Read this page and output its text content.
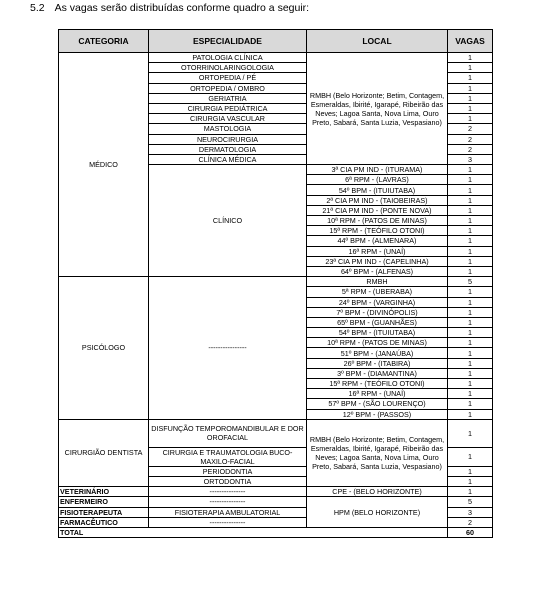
5.2 As vagas serão distribuídas conforme quadro a seguir:
CATEGORIA	ESPECIALIDADE	LOCAL	VAGAS
MÉDICO	PATOLOGIA CLÍNICA	RMBH (Belo Horizonte; Betim, Contagem, Esmeraldas, Ibirité, Igarapé, Ribeirão das Neves; Lagoa Santa, Nova Lima, Ouro Preto, Sabará, Santa Luzia, Vespasiano)	1
	OTORRINOLARINGOLOGIA		1
	ORTOPEDIA / PÉ		1
	ORTOPEDIA / OMBRO		1
	GERIATRIA		1
	CIRURGIA PEDIÁTRICA		1
	CIRURGIA VASCULAR		1
	MASTOLOGIA		2
	NEUROCIRURGIA		2
	DERMATOLOGIA		2
	CLÍNICA MÉDICA		3
	CLÍNICO	3ª CIA PM IND - (ITURAMA)	1
		6ª RPM - (LAVRAS)	1
		54º BPM - (ITUIUTABA)	1
		2ª CIA PM IND - (TAIOBEIRAS)	1
		21ª CIA PM IND - (PONTE NOVA)	1
		10ª RPM - (PATOS DE MINAS)	1
		15ª RPM - (TEÓFILO OTONI)	1
		44º BPM - (ALMENARA)	1
		16ª RPM - (UNAÍ)	1
		23ª CIA PM IND - (CAPELINHA)	1
		64º BPM - (ALFENAS)	1
PSICÓLOGO	----------------	RMBH	5
		5ª RPM - (UBERABA)	1
		24º BPM - (VARGINHA)	1
		7º BPM - (DIVINÓPOLIS)	1
		65º BPM - (GUANHÃES)	1
		54º BPM - (ITUIUTABA)	1
		10ª RPM - (PATOS DE MINAS)	1
		51º BPM - (JANAÚBA)	1
		26º BPM - (ITABIRA)	1
		3º BPM - (DIAMANTINA)	1
		15ª RPM - (TEÓFILO OTONI)	1
		16ª RPM - (UNAÍ)	1
		57º BPM - (SÃO LOURENÇO)	1
		12º BPM - (PASSOS)	1
CIRURGIÃO DENTISTA	DISFUNÇÃO TEMPOROMANDIBULAR E DOR OROFACIAL	RMBH (Belo Horizonte; Betim, Contagem, Esmeraldas, Ibirité, Igarapé, Ribeirão das Neves; Lagoa Santa, Nova Lima, Ouro Preto, Sabará, Santa Luzia, Vespasiano)	1
	CIRURGIA E TRAUMATOLOGIA BUCO-MAXILO-FACIAL		1
	PERIODONTIA		1
	ORTODONTIA		1
VETERINÁRIO	---------------	CPE - (BELO HORIZONTE)	1
ENFERMEIRO	---------------	HPM (BELO HORIZONTE)	5
FISIOTERAPEUTA	FISIOTERAPIA AMBULATORIAL		3
FARMACÊUTICO	---------------		2
TOTAL			60
